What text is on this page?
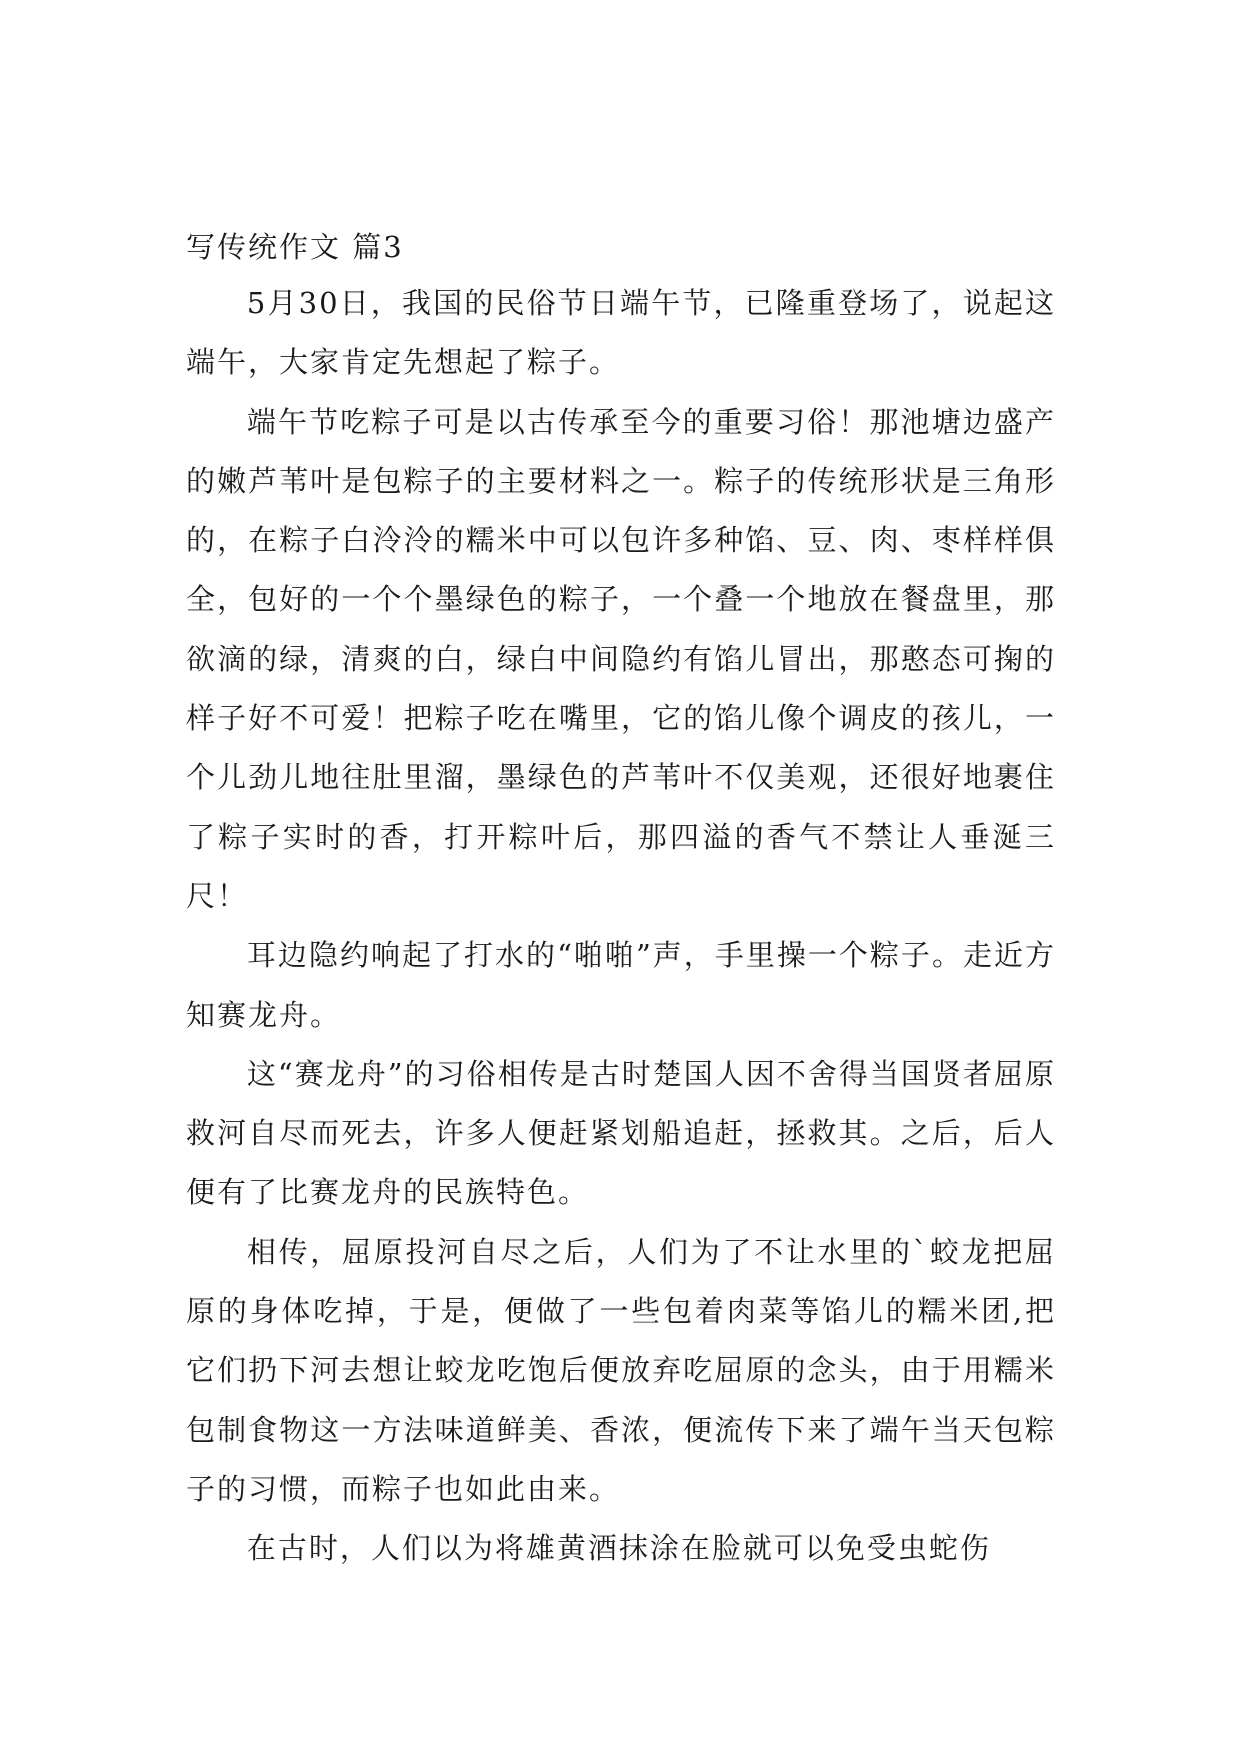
写传统作文 篇3

5月30日，我国的民俗节日端午节，已隆重登场了，说起这端午，大家肯定先想起了粽子。

端午节吃粽子可是以古传承至今的重要习俗！那池塘边盛产的嫩芦苇叶是包粽子的主要材料之一。粽子的传统形状是三角形的，在粽子白泠泠的糯米中可以包许多种馅、豆、肉、枣样样俱全，包好的一个个墨绿色的粽子，一个叠一个地放在餐盘里，那欲滴的绿，清爽的白，绿白中间隐约有馅儿冒出，那憨态可掬的样子好不可爱！把粽子吃在嘴里，它的馅儿像个调皮的孩儿，一个儿劲儿地往肚里溜，墨绿色的芦苇叶不仅美观，还很好地裹住了粽子实时的香，打开粽叶后，那四溢的香气不禁让人垂涎三尺！

耳边隐约响起了打水的“啪啪”声，手里操一个粽子。走近方知赛龙舟。

这“赛龙舟”的习俗相传是古时楚国人因不舍得当国贤者屈原救河自尽而死去，许多人便赶紧划船追赶，拯救其。之后，后人便有了比赛龙舟的民族特色。

相传，屈原投河自尽之后，人们为了不让水里的`蛟龙把屈原的身体吃掉，于是，便做了一些包着肉菜等馅儿的糯米团,把它们扔下河去想让蛟龙吃饱后便放弃吃屈原的念头，由于用糯米包制食物这一方法味道鲜美、香浓，便流传下来了端午当天包粽子的习惯，而粽子也如此由来。

在古时，人们以为将雄黄酒抹涂在脸就可以免受虫蛇伤
